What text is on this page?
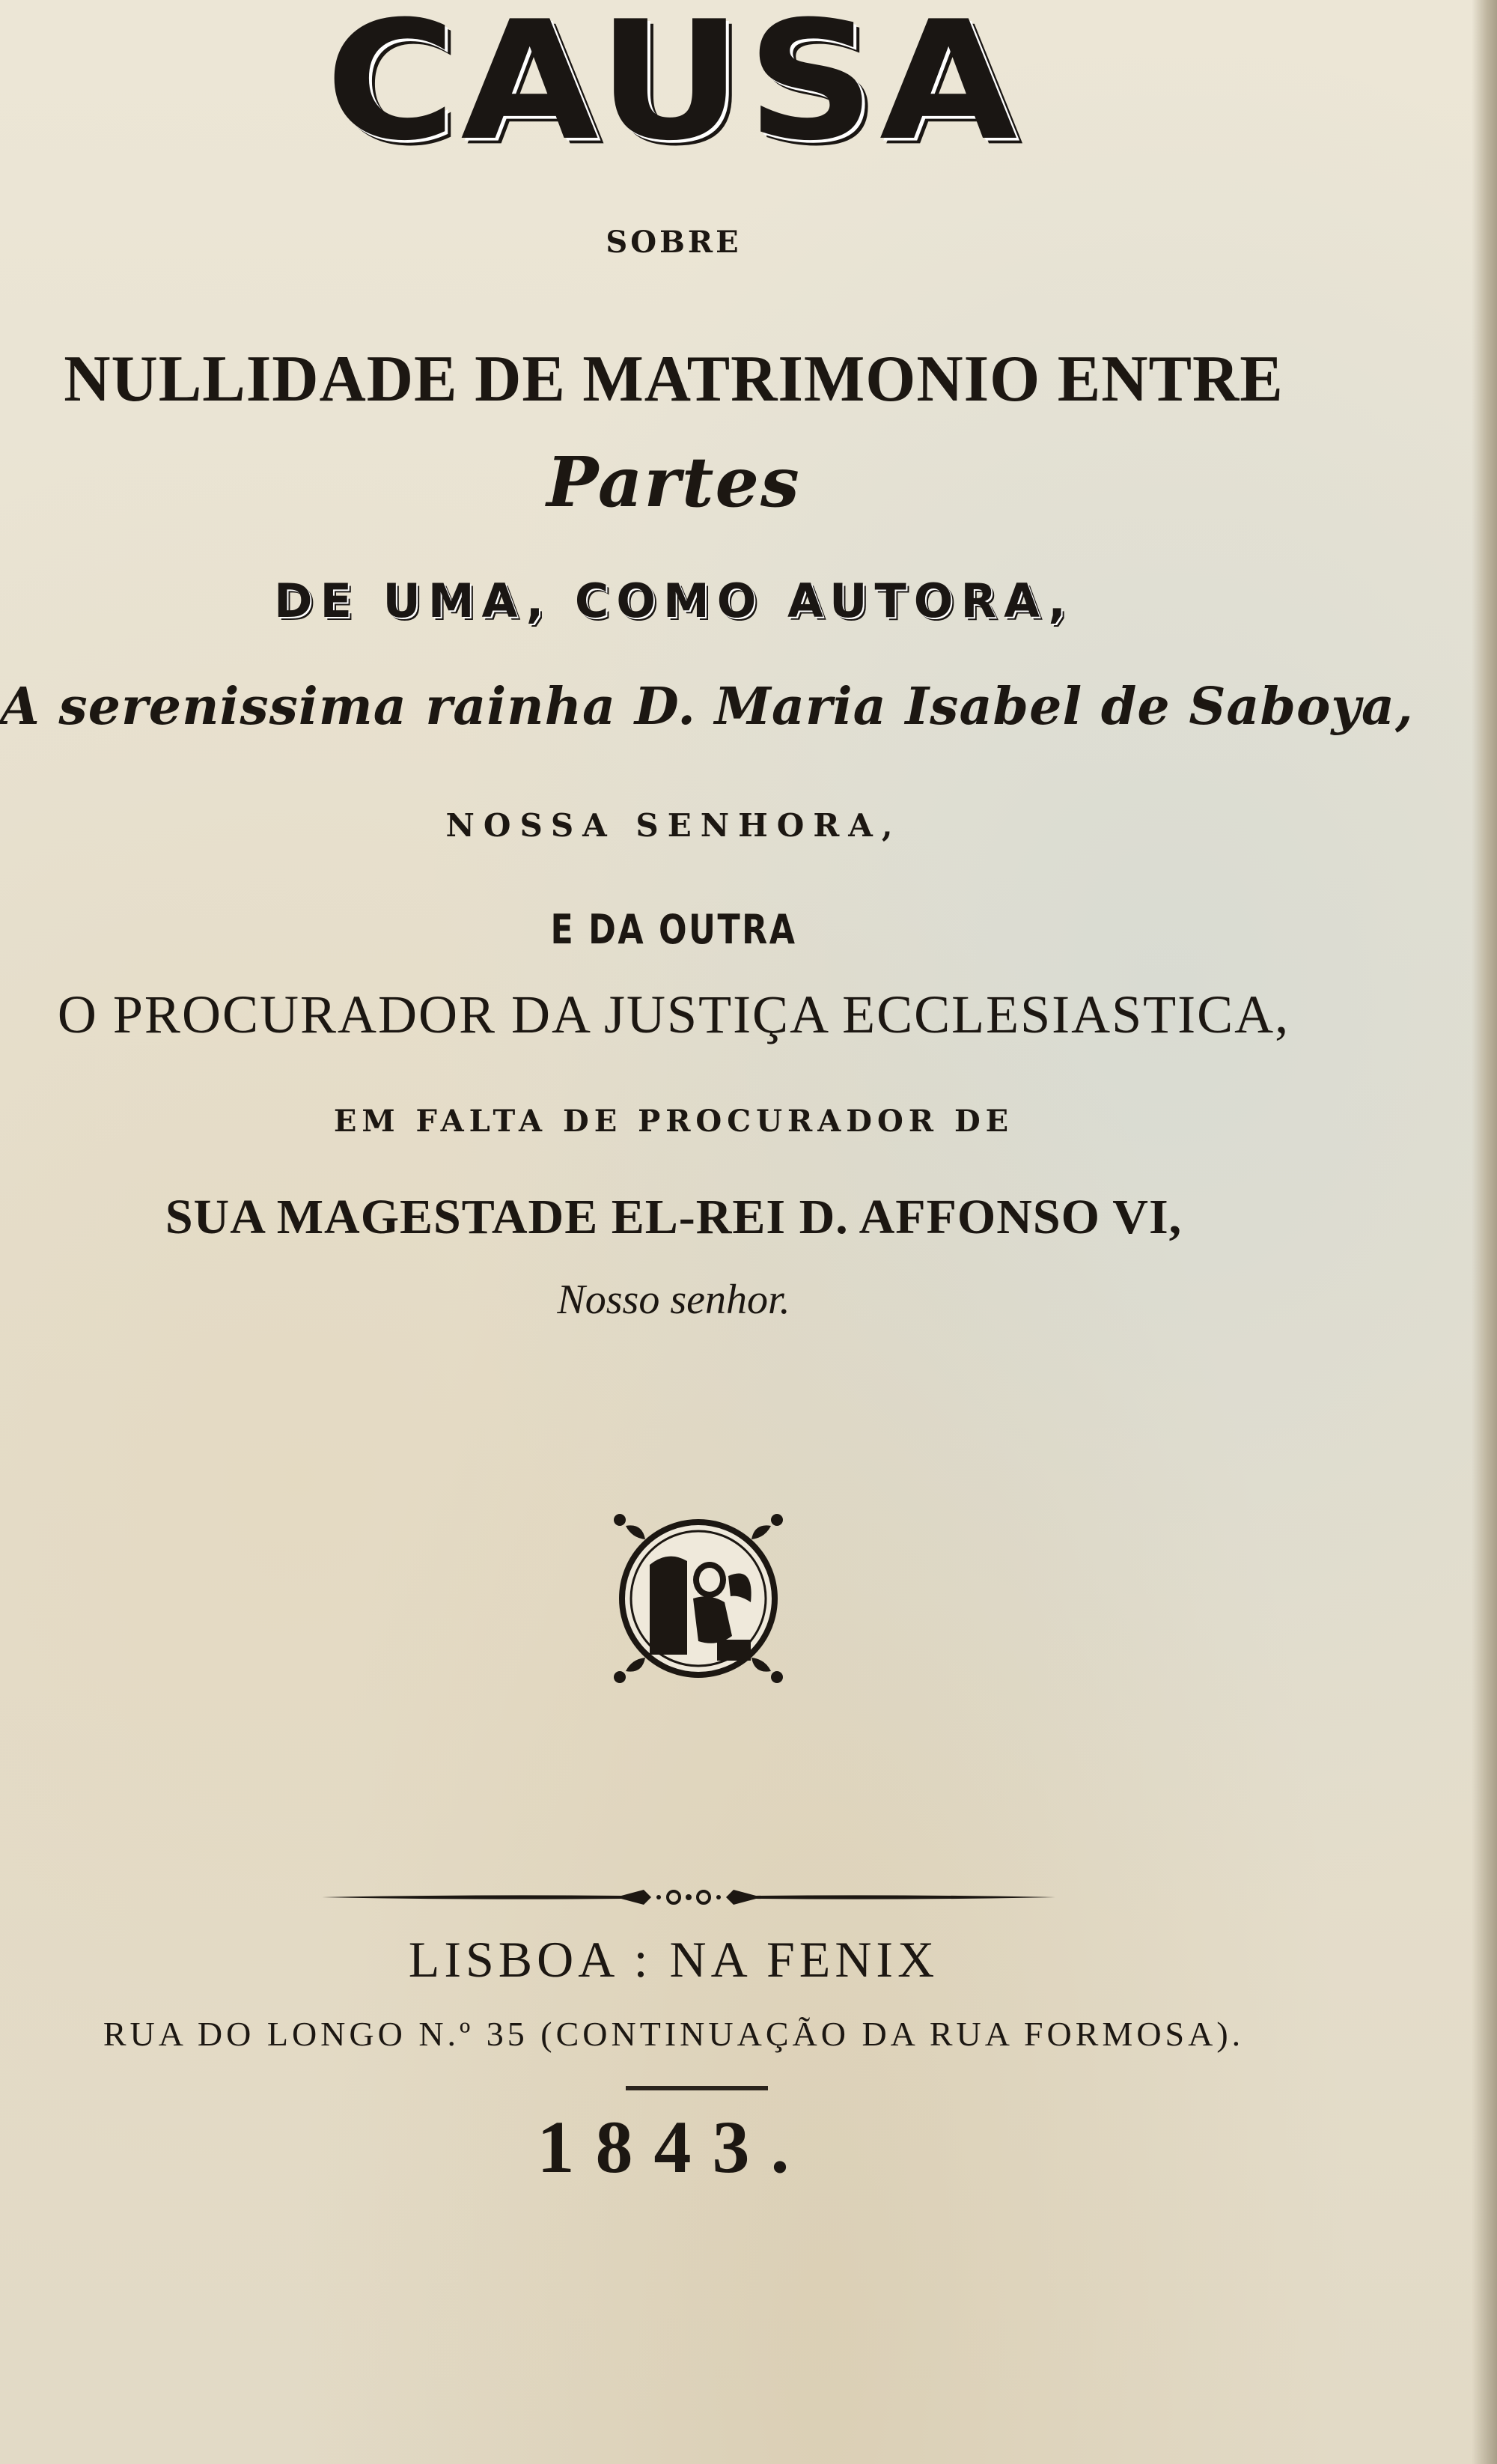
CAUSA
SOBRE
NULLIDADE DE MATRIMONIO ENTRE
Partes
DE UMA, COMO AUTORA,
A serenissima rainha D. Maria Isabel de Saboya,
NOSSA SENHORA,
E DA OUTRA
O PROCURADOR DA JUSTIÇA ECCLESIASTICA,
EM FALTA DE PROCURADOR DE
SUA MAGESTADE EL-REI D. AFFONSO VI,
Nosso senhor.
LISBOA : NA FENIX
RUA DO LONGO N.º 35 (CONTINUAÇÃO DA RUA FORMOSA).
1843.
